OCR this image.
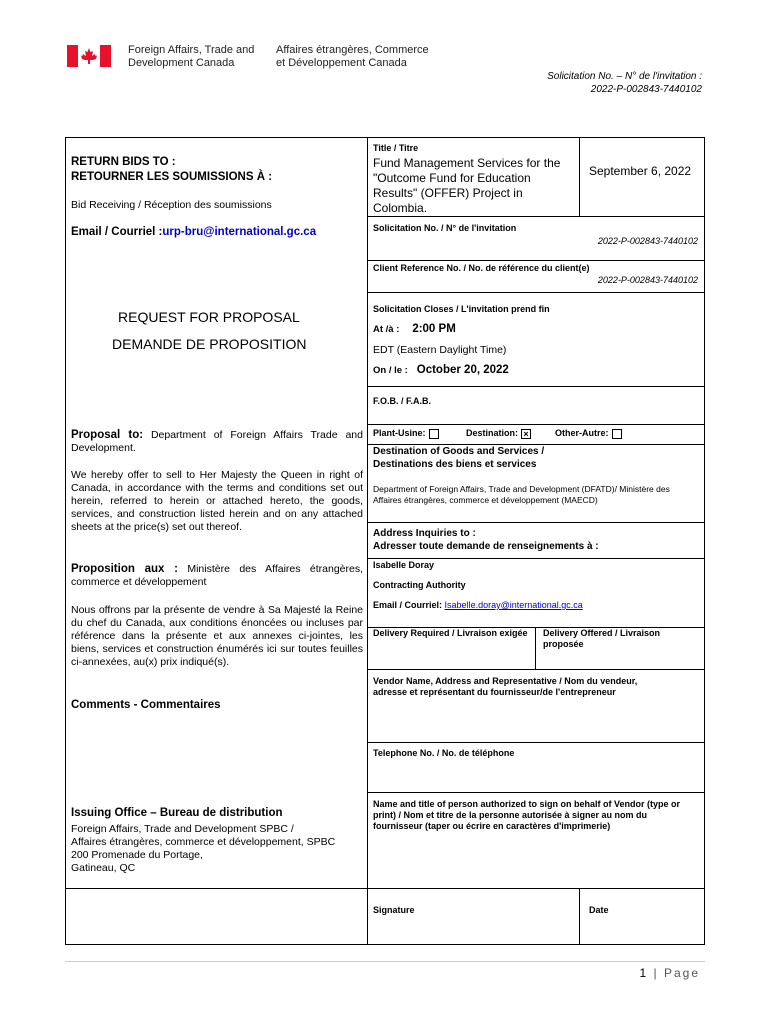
Foreign Affairs, Trade and
Development Canada
Affaires étrangères, Commerce
et Développement Canada
Solicitation No. – N° de l'invitation :
2022-P-002843-7440102
RETURN BIDS TO :
RETOURNER LES SOUMISSIONS À :
Bid Receiving / Réception des soumissions
Email / Courriel :urp-bru@international.gc.ca
REQUEST FOR PROPOSAL
DEMANDE DE PROPOSITION
Proposal to: Department of Foreign Affairs Trade and Development.
We hereby offer to sell to Her Majesty the Queen in right of Canada, in accordance with the terms and conditions set out herein, referred to herein or attached hereto, the goods, services, and construction listed herein and on any attached sheets at the price(s) set out thereof.
Proposition aux : Ministère des Affaires étrangères, commerce et développement
Nous offrons par la présente de vendre à Sa Majesté la Reine du chef du Canada, aux conditions énoncées ou incluses par référence dans la présente et aux annexes ci-jointes, les biens, services et construction énumérés ici sur toutes feuilles ci-annexées, au(x) prix indiqué(s).
Comments - Commentaires
Issuing Office – Bureau de distribution
Foreign Affairs, Trade and Development SPBC /
Affaires étrangères, commerce et développement, SPBC
200 Promenade du Portage,
Gatineau, QC
Title / Titre
Fund Management Services for the "Outcome Fund for Education Results" (OFFER) Project in Colombia.
September 6, 2022
Solicitation No. / N° de l'invitation
2022-P-002843-7440102
Client Reference No. / No. de référence du client(e)
2022-P-002843-7440102
Solicitation Closes / L'invitation prend fin
At /à : 2:00 PM
EDT (Eastern Daylight Time)
On / le : October 20, 2022
F.O.B. / F.A.B.
Plant-Usine:	Destination: ×	Other-Autre:
Destination of Goods and Services /
Destinations des biens et services
Department of Foreign Affairs, Trade and Development (DFATD)/ Ministère des Affaires étrangères, commerce et développement (MAECD)
Address Inquiries to :
Adresser toute demande de renseignements à :
Isabelle Doray
Contracting Authority
Email / Courriel: Isabelle.doray@international.gc.ca
Delivery Required / Livraison exigée	Delivery Offered / Livraison proposée
Vendor Name, Address and Representative / Nom du vendeur, adresse et représentant du fournisseur/de l'entrepreneur
Telephone No. / No. de téléphone
Name and title of person authorized to sign on behalf of Vendor (type or print) / Nom et titre de la personne autorisée à signer au nom du fournisseur (taper ou écrire en caractères d'imprimerie)
Signature	Date
1 | Page
